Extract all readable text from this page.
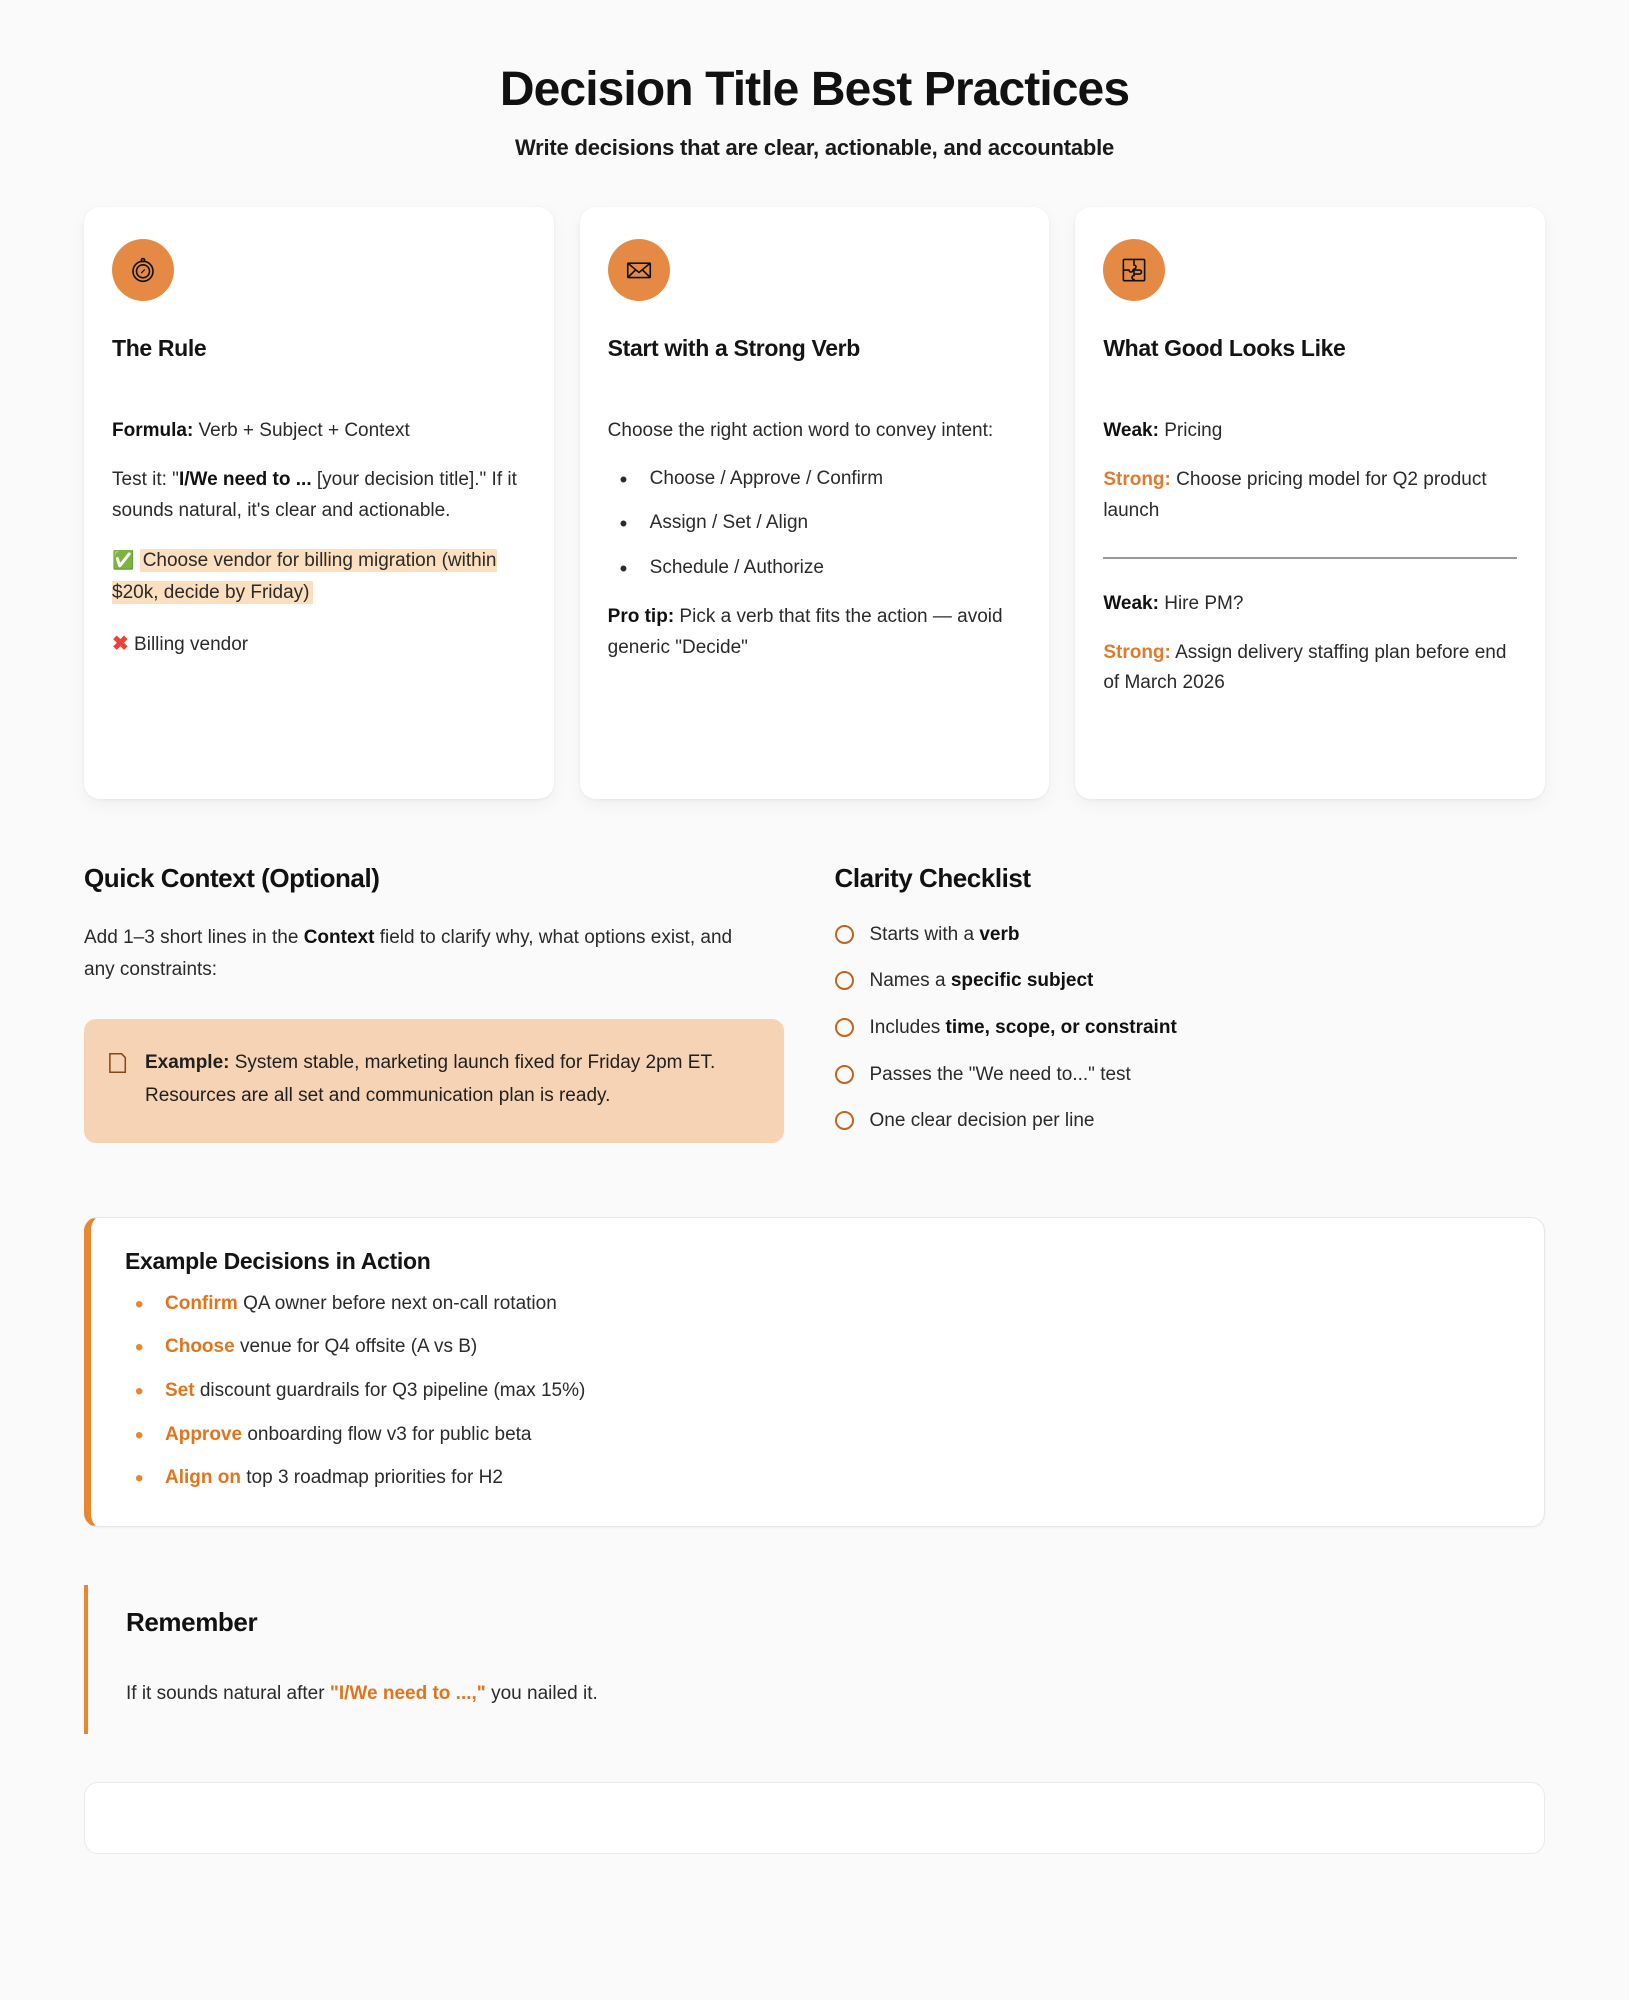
Decision Title Best Practices
Write decisions that are clear, actionable, and accountable
The Rule

Formula: Verb + Subject + Context

Test it: "I/We need to ... [your decision title]." If it sounds natural, it's clear and actionable.

✅ Choose vendor for billing migration (within $20k, decide by Friday)

✖ Billing vendor

Start with a Strong Verb

Choose the right action word to convey intent:

• Choose / Approve / Confirm
• Assign / Set / Align
• Schedule / Authorize

Pro tip: Pick a verb that fits the action — avoid generic "Decide"

What Good Looks Like

Weak: Pricing

Strong: Choose pricing model for Q2 product launch

Weak: Hire PM?

Strong: Assign delivery staffing plan before end of March 2026

Quick Context (Optional)
Add 1–3 short lines in the Context field to clarify why, what options exist, and any constraints:
Example: System stable, marketing launch fixed for Friday 2pm ET. Resources are all set and communication plan is ready.
Clarity Checklist
Starts with a verb
Names a specific subject
Includes time, scope, or constraint
Passes the "We need to..." test
One clear decision per line
Example Decisions in Action
• Confirm QA owner before next on-call rotation
• Choose venue for Q4 offsite (A vs B)
• Set discount guardrails for Q3 pipeline (max 15%)
• Approve onboarding flow v3 for public beta
• Align on top 3 roadmap priorities for H2
Remember
If it sounds natural after "I/We need to ...," you nailed it.
